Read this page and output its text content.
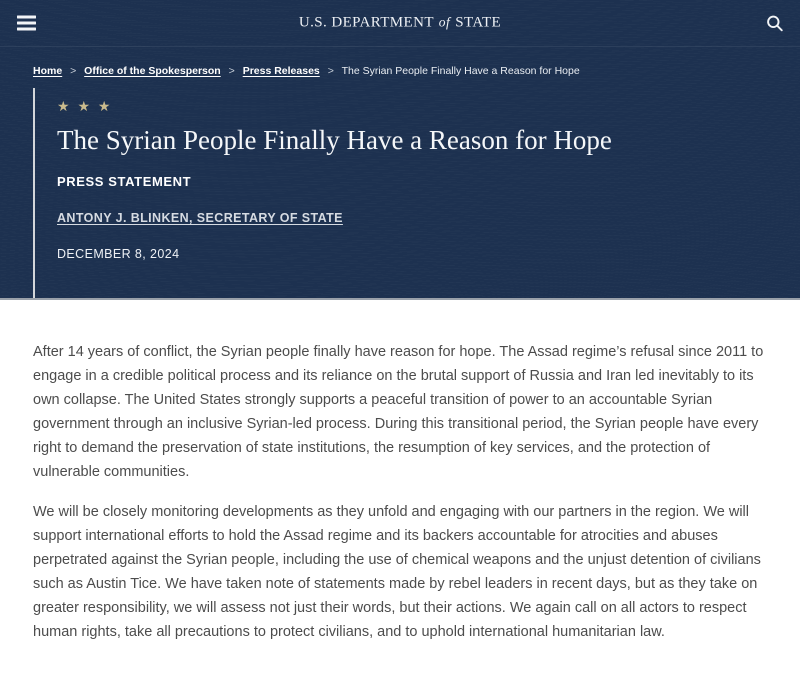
U.S. DEPARTMENT of STATE
Home > Office of the Spokesperson > Press Releases > The Syrian People Finally Have a Reason for Hope
★ ★ ★
The Syrian People Finally Have a Reason for Hope
PRESS STATEMENT
ANTONY J. BLINKEN, SECRETARY OF STATE
DECEMBER 8, 2024

After 14 years of conflict, the Syrian people finally have reason for hope. The Assad regime’s refusal since 2011 to engage in a credible political process and its reliance on the brutal support of Russia and Iran led inevitably to its own collapse. The United States strongly supports a peaceful transition of power to an accountable Syrian government through an inclusive Syrian-led process. During this transitional period, the Syrian people have every right to demand the preservation of state institutions, the resumption of key services, and the protection of vulnerable communities.

We will be closely monitoring developments as they unfold and engaging with our partners in the region. We will support international efforts to hold the Assad regime and its backers accountable for atrocities and abuses perpetrated against the Syrian people, including the use of chemical weapons and the unjust detention of civilians such as Austin Tice. We have taken note of statements made by rebel leaders in recent days, but as they take on greater responsibility, we will assess not just their words, but their actions. We again call on all actors to respect human rights, take all precautions to protect civilians, and to uphold international humanitarian law.
